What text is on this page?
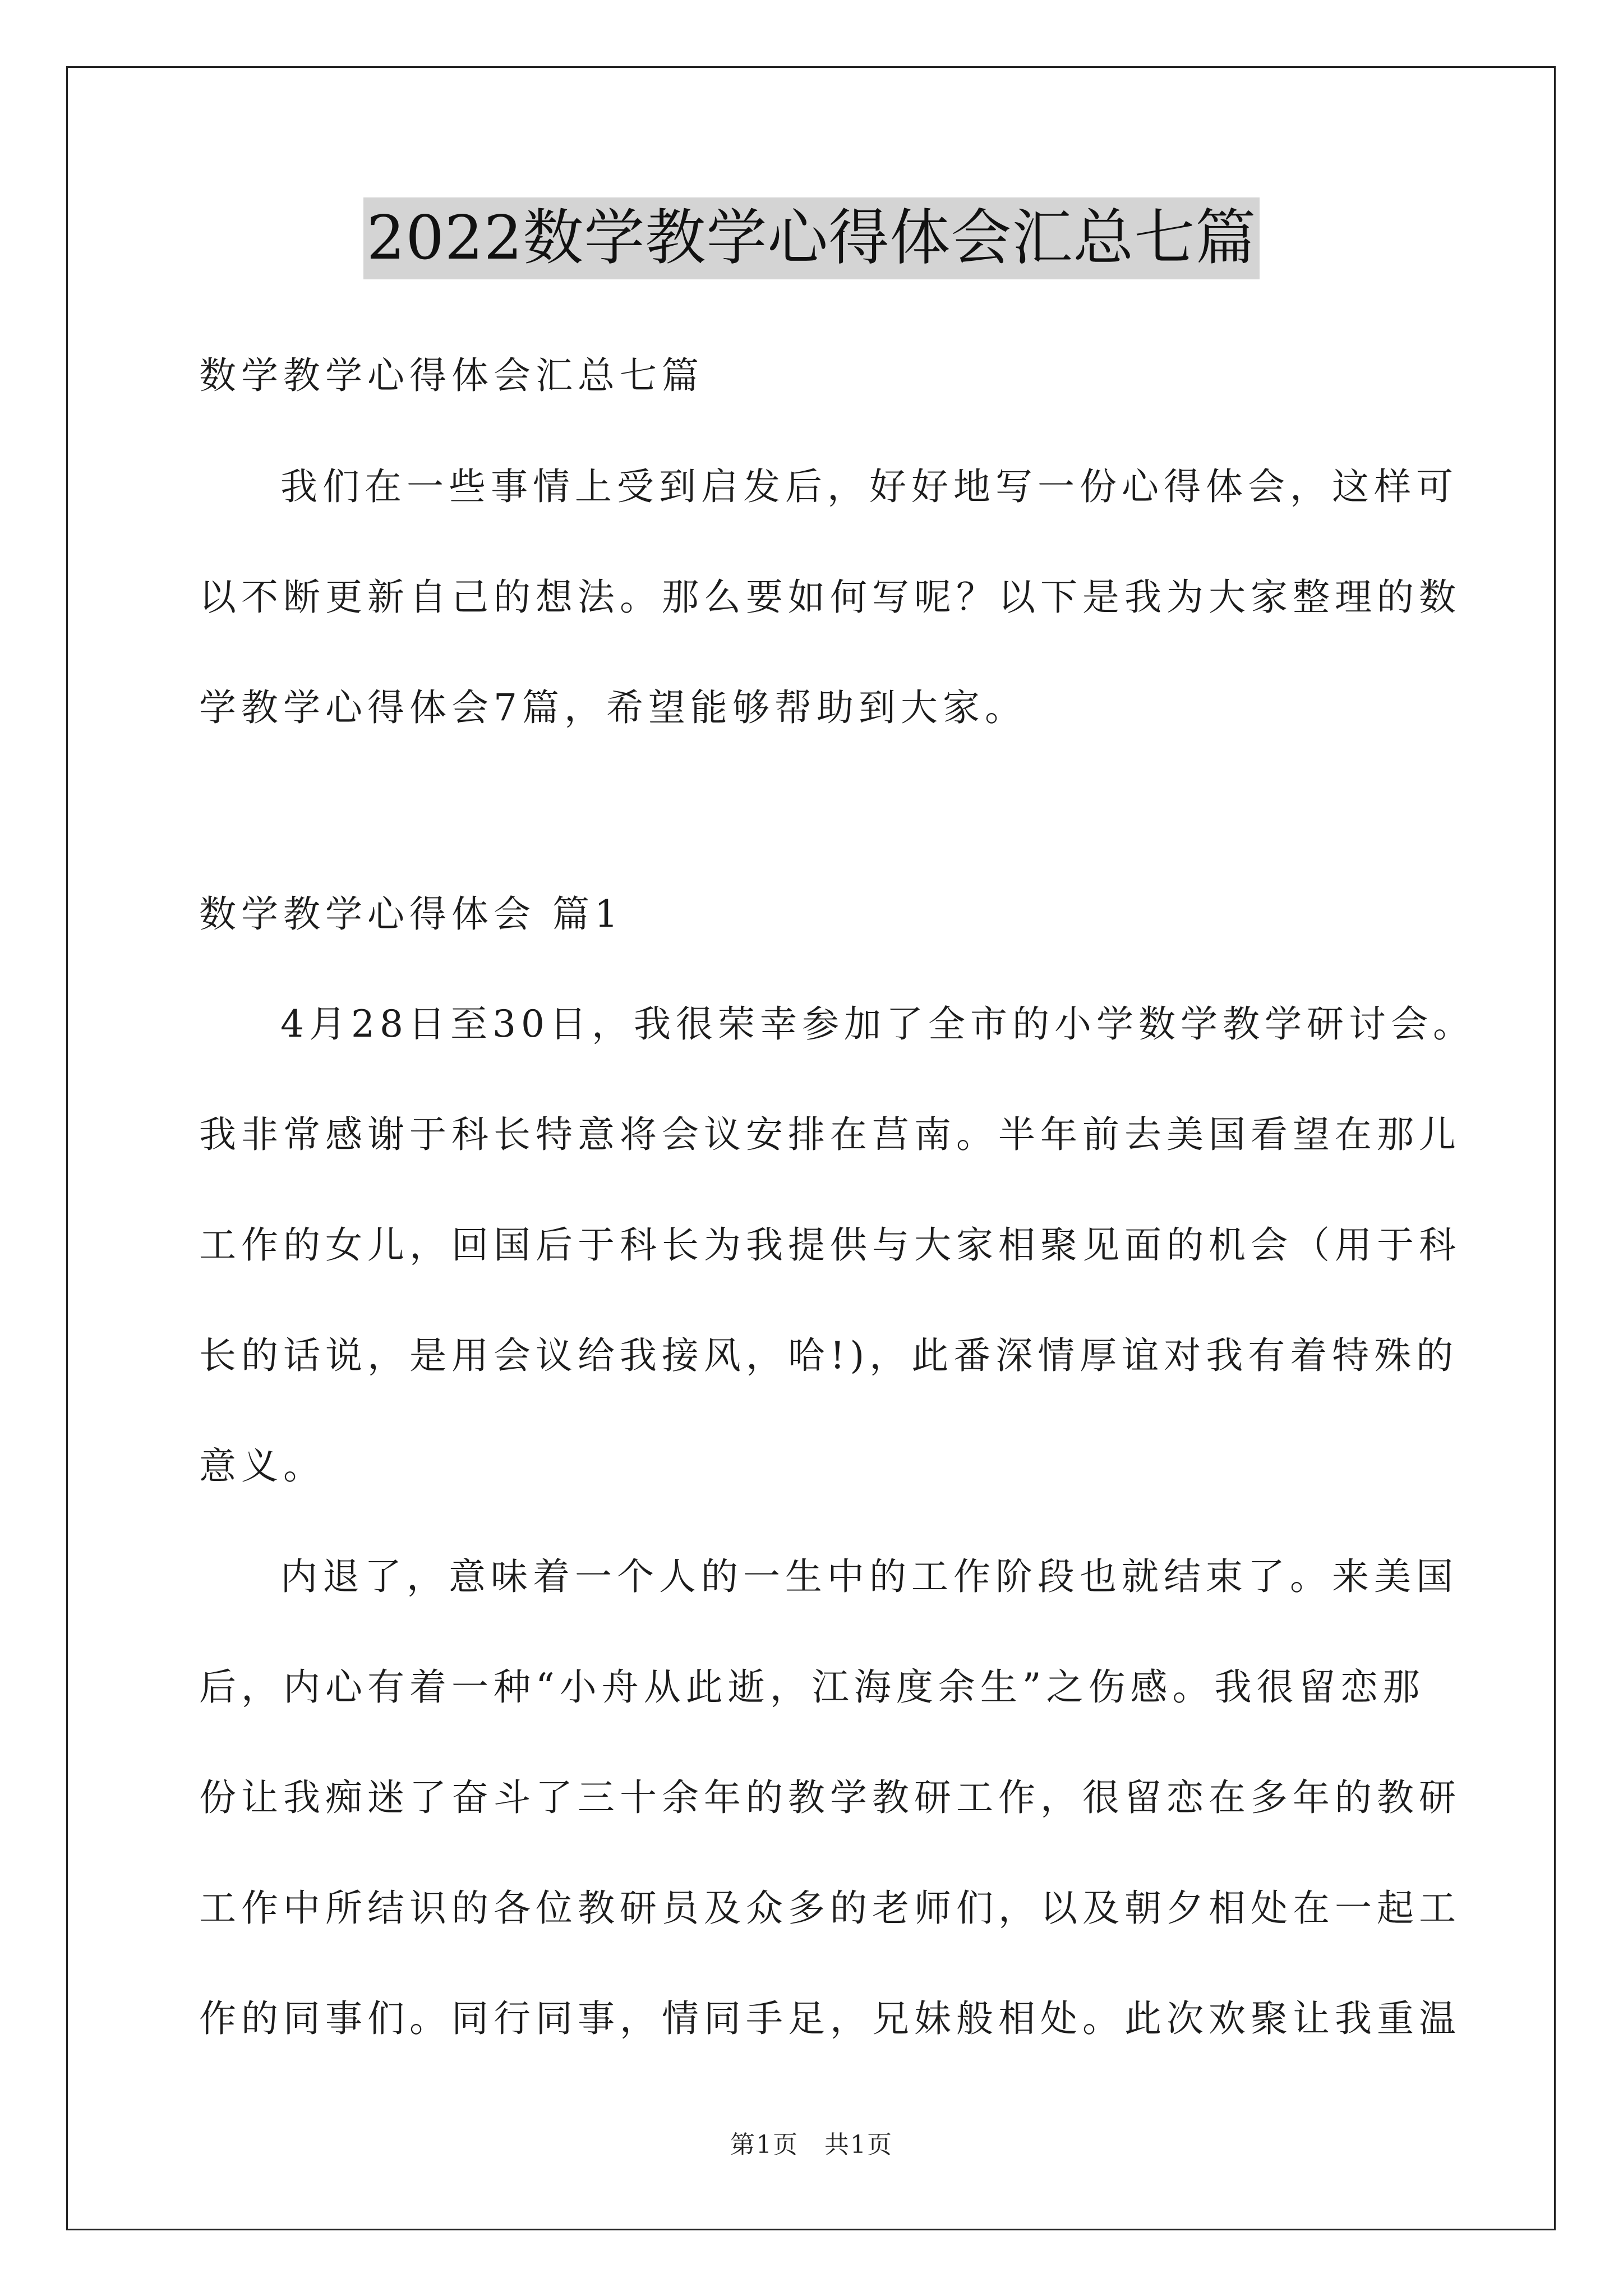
2022数学教学心得体会汇总七篇
数学教学心得体会汇总七篇
我们在一些事情上受到启发后，好好地写一份心得体会，这样可
以不断更新自己的想法。那么要如何写呢？以下是我为大家整理的数
学教学心得体会7篇，希望能够帮助到大家。
数学教学心得体会 篇1
4月28日至30日，我很荣幸参加了全市的小学数学教学研讨会。
我非常感谢于科长特意将会议安排在莒南。半年前去美国看望在那儿
工作的女儿，回国后于科长为我提供与大家相聚见面的机会（用于科
长的话说，是用会议给我接风，哈!)，此番深情厚谊对我有着特殊的
意义。
内退了，意味着一个人的一生中的工作阶段也就结束了。来美国
后，内心有着一种“小舟从此逝，江海度余生”之伤感。我很留恋那
份让我痴迷了奋斗了三十余年的教学教研工作，很留恋在多年的教研
工作中所结识的各位教研员及众多的老师们，以及朝夕相处在一起工
作的同事们。同行同事，情同手足，兄妹般相处。此次欢聚让我重温
第1页　共1页
